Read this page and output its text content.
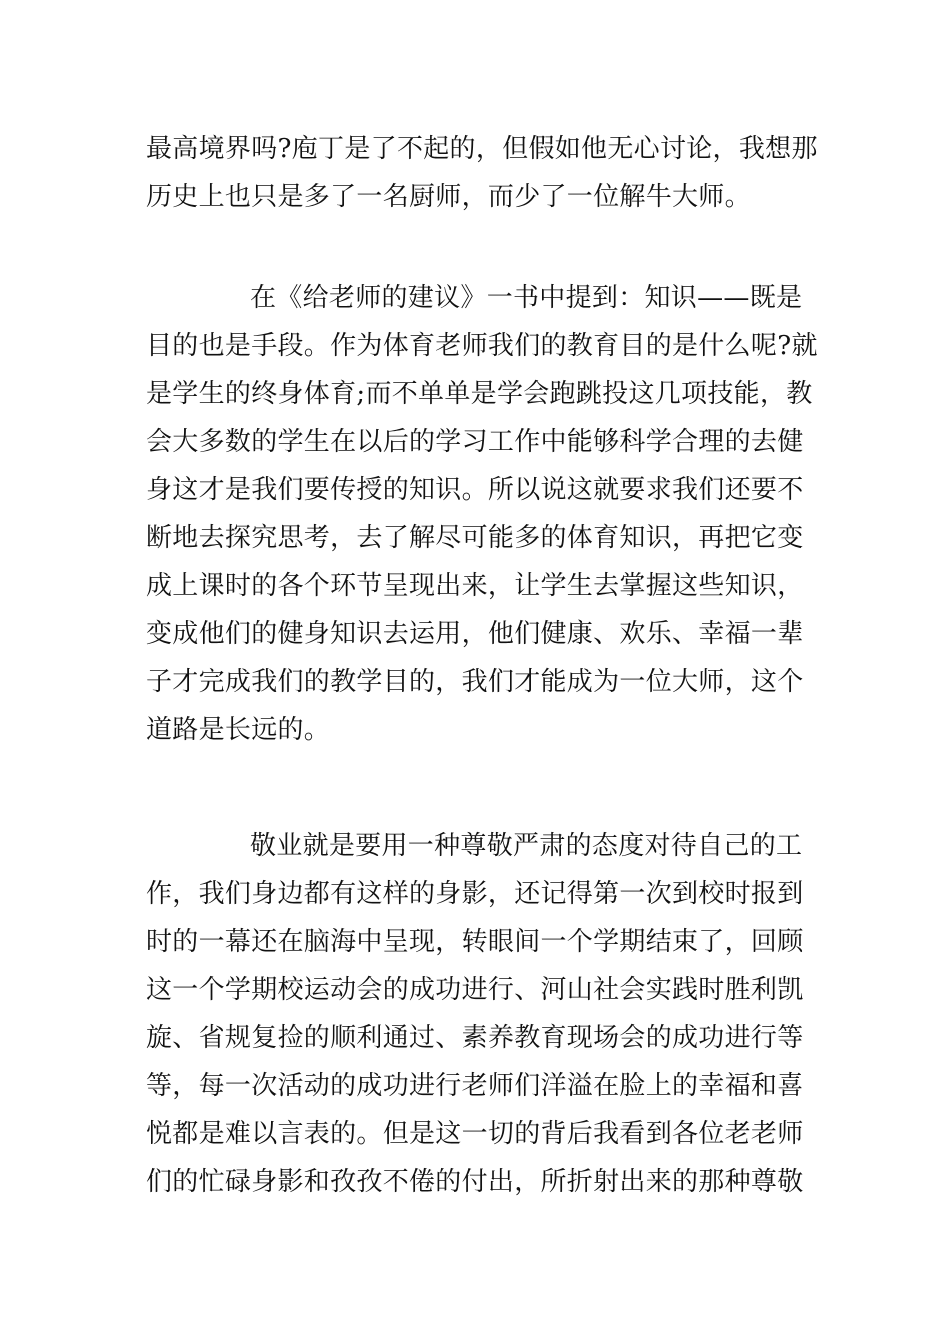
最高境界吗?庖丁是了不起的，但假如他无心讨论，我想那
历史上也只是多了一名厨师，而少了一位解牛大师。
在《给老师的建议》一书中提到：知识——既是
目的也是手段。作为体育老师我们的教育目的是什么呢?就
是学生的终身体育;而不单单是学会跑跳投这几项技能，教
会大多数的学生在以后的学习工作中能够科学合理的去健
身这才是我们要传授的知识。所以说这就要求我们还要不
断地去探究思考，去了解尽可能多的体育知识，再把它变
成上课时的各个环节呈现出来，让学生去掌握这些知识，
变成他们的健身知识去运用，他们健康、欢乐、幸福一辈
子才完成我们的教学目的，我们才能成为一位大师，这个
道路是长远的。
敬业就是要用一种尊敬严肃的态度对待自己的工
作，我们身边都有这样的身影，还记得第一次到校时报到
时的一幕还在脑海中呈现，转眼间一个学期结束了，回顾
这一个学期校运动会的成功进行、河山社会实践时胜利凯
旋、省规复捡的顺利通过、素养教育现场会的成功进行等
等，每一次活动的成功进行老师们洋溢在脸上的幸福和喜
悦都是难以言表的。但是这一切的背后我看到各位老老师
们的忙碌身影和孜孜不倦的付出，所折射出来的那种尊敬
